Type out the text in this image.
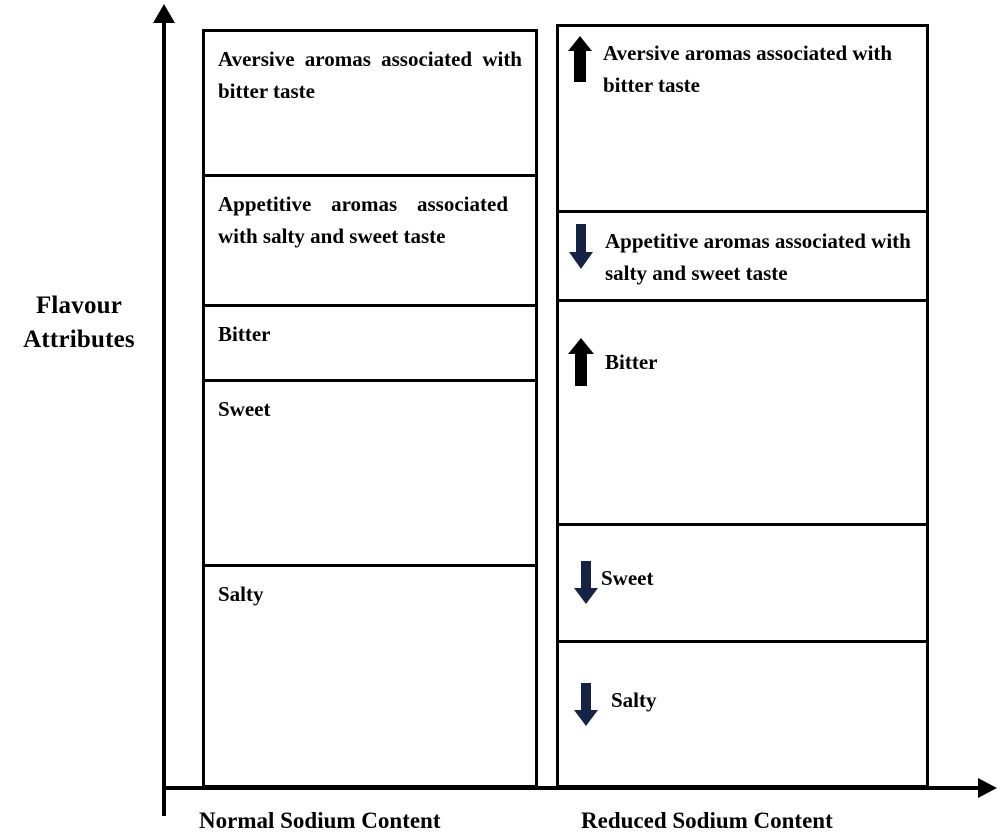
Flavour
Attributes
Aversive aromas associated with bitter taste
Appetitive aromas associated with salty and sweet taste
Bitter
Sweet
Salty
Aversive aromas associated with bitter taste
Appetitive aromas associated with salty and sweet taste
Bitter
Sweet
Salty
Normal Sodium Content	Reduced Sodium Content
